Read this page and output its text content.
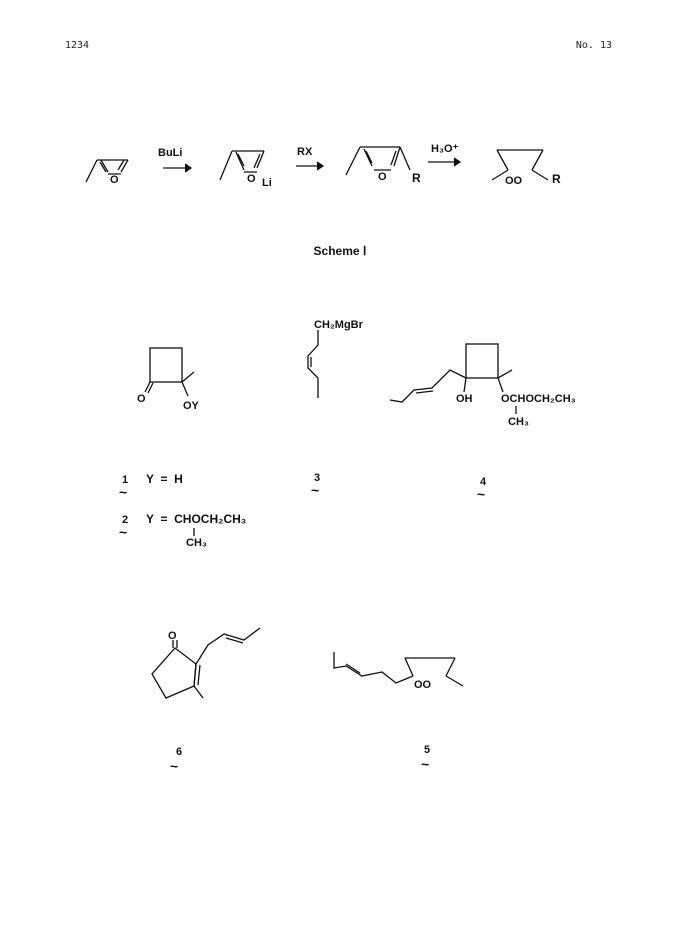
1234	No. 13
O
BuLi
O Li
RX
O R
H₃O⁺
OO R
O
OY
CH₂MgBr
OH	OCHOCH₂CH₃
CH₃
1
~
Y  =  H
2
~
Y  =  CHOCH₂CH₃
CH₃
3
~	4
~
O
6
~
OO
5
~
Scheme Ⅰ
